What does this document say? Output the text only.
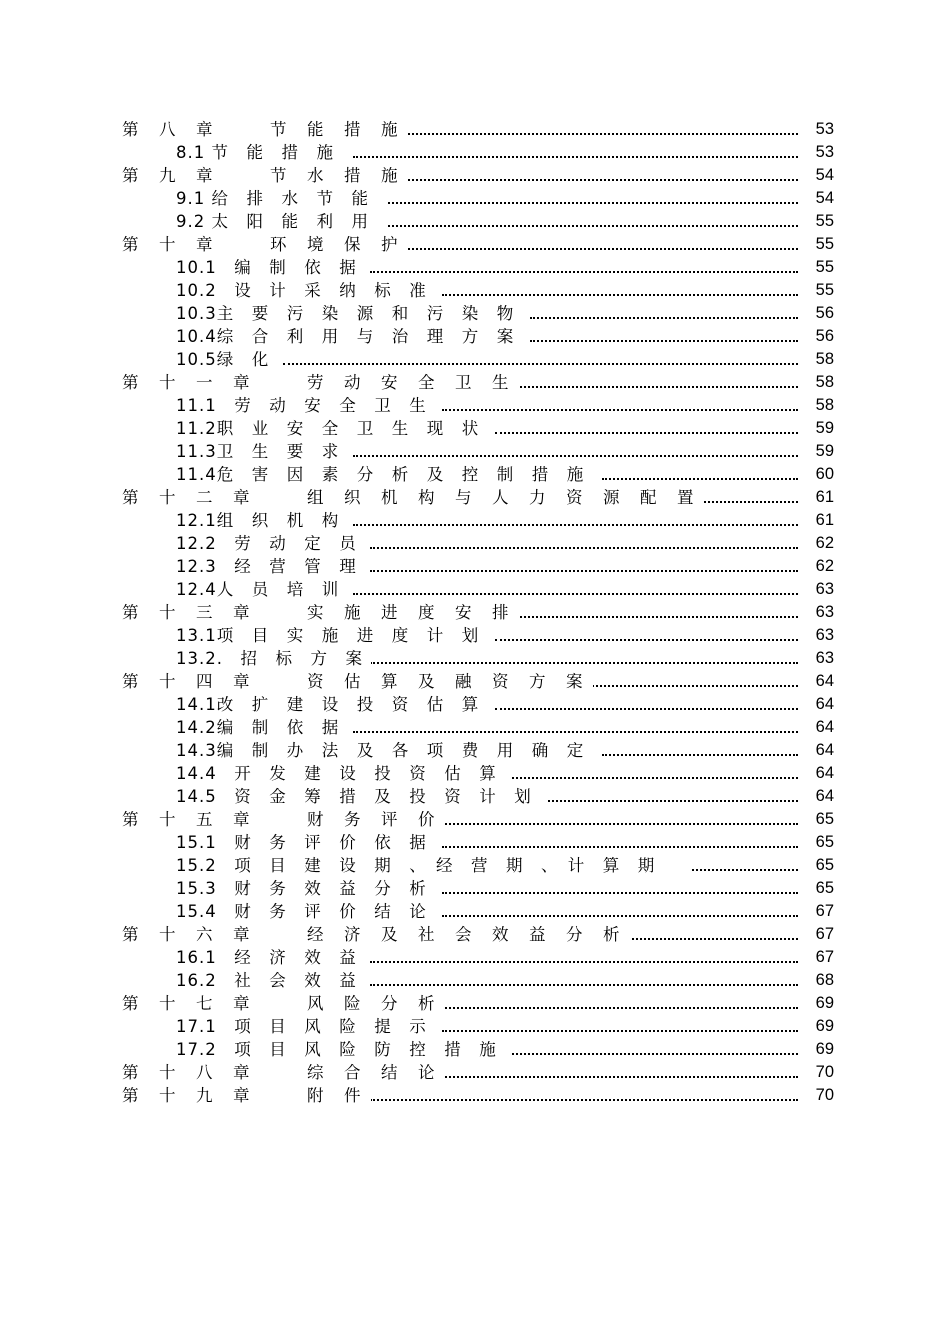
第　八　章　　　节　能　措　施	53
8.1 节　能　措　施	53
第　九　章　　　节　水　措　施	54
9.1 给　排　水　节　能	54
9.2 太　阳　能　利　用	55
第　十　章　　　环　境　保　护	55
10.1　编　制　依　据	55
10.2　设　计　采　纳　标　准	55
10.3主　要　污　染　源　和　污　染　物	56
10.4综　合　利　用　与　治　理　方　案	56
10.5绿　化	58
第　十　一　章　　　劳　动　安　全　卫　生	58
11.1　劳　动　安　全　卫　生	58
11.2职　业　安　全　卫　生　现　状	59
11.3卫　生　要　求	59
11.4危　害　因　素　分　析　及　控　制　措　施	60
第　十　二　章　　　组　织　机　构　与　人　力　资　源　配　置	61
12.1组　织　机　构	61
12.2　劳　动　定　员	62
12.3　经　营　管　理	62
12.4人　员　培　训	63
第　十　三　章　　　实　施　进　度　安　排	63
13.1项　目　实　施　进　度　计　划	63
13.2.　招　标　方　案	63
第　十　四　章　　　资　估　算　及　融　资　方　案	64
14.1改　扩　建　设　投　资　估　算	64
14.2编　制　依　据	64
14.3编　制　办　法　及　各　项　费　用　确　定	64
14.4　开　发　建　设　投　资　估　算	64
14.5　资　金　筹　措　及　投　资　计　划	64
第　十　五　章　　　财　务　评　价	65
15.1　财　务　评　价　依　据	65
15.2　项　目　建　设　期　、　经　营　期　、　计　算　期	65
15.3　财　务　效　益　分　析	65
15.4　财　务　评　价　结　论	67
第　十　六　章　　　经　济　及　社　会　效　益　分　析	67
16.1　经　济　效　益	67
16.2　社　会　效　益	68
第　十　七　章　　　风　险　分　析	69
17.1　项　目　风　险　提　示	69
17.2　项　目　风　险　防　控　措　施	69
第　十　八　章　　　综　合　结　论	70
第　十　九　章　　　附　件	70
